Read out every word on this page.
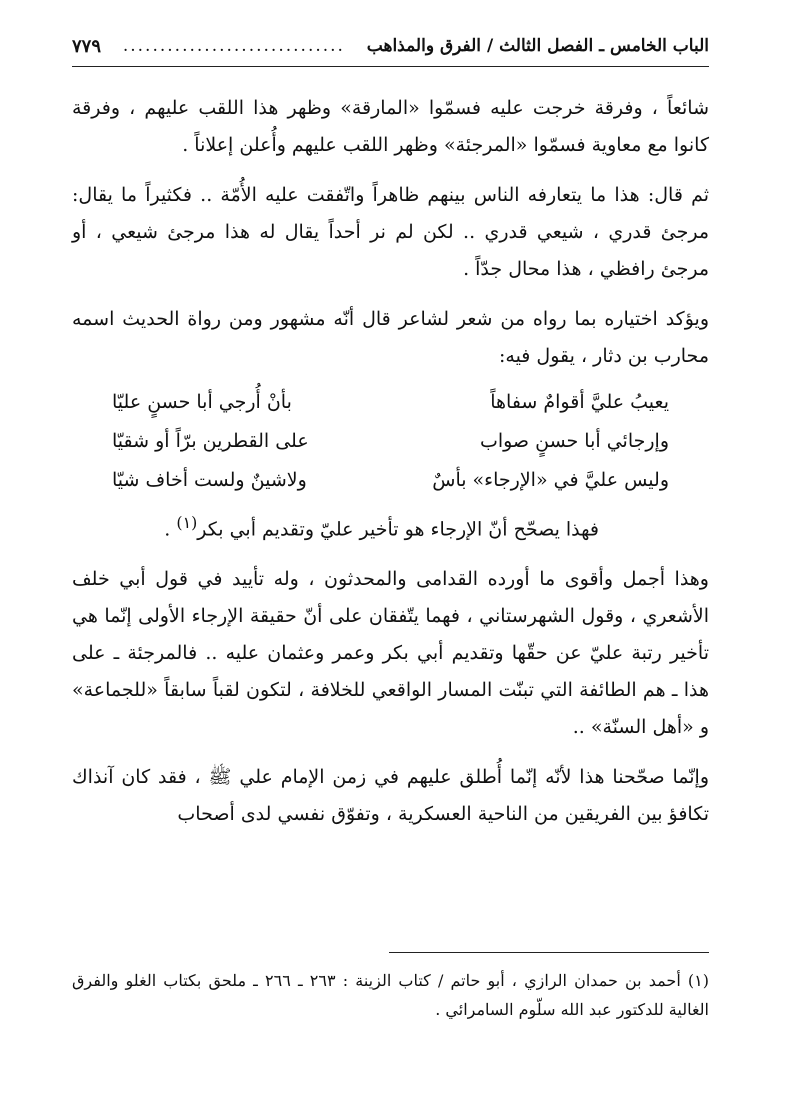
الباب الخامس ـ الفصل الثالث / الفرق والمذاهب
..............................
٧٧٩

شائعاً ، وفرقة خرجت عليه فسمّوا «المارقة» وظهر هذا اللقب عليهم ، وفرقة كانوا مع معاوية فسمّوا «المرجئة» وظهر اللقب عليهم وأُعلن إعلاناً .

ثم قال: هذا ما يتعارفه الناس بينهم ظاهراً واتّفقت عليه الأُمّة .. فكثيراً ما يقال: مرجئ قدري ، شيعي قدري .. لكن لم نر أحداً يقال له هذا مرجئ شيعي ، أو مرجئ رافظي ، هذا محال جدّاً .

ويؤكد اختياره بما رواه من شعر لشاعر قال أنّه مشهور ومن رواة الحديث اسمه محارب بن دثار ، يقول فيه:

يعيبُ عليَّ أقوامٌ سفاهاً
بأنْ أُرجي أبا حسنٍ عليّا
وإرجائي أبا حسنٍ صواب
على القطرين برّاً أو شقيّا
وليس عليَّ في «الإرجاء» بأسٌ
ولاشينٌ ولست أخاف شيّا

فهذا يصحّح أنّ الإرجاء هو تأخير عليّ وتقديم أبي بكر$^{(١)}$ .

وهذا أجمل وأقوى ما أورده القدامى والمحدثون ، وله تأييد في قول أبي خلف الأشعري ، وقول الشهرستاني ، فهما يتّفقان على أنّ حقيقة الإرجاء الأولى إنّما هي تأخير رتبة عليّ عن حقّها وتقديم أبي بكر وعمر وعثمان عليه .. فالمرجئة ـ على هذا ـ هم الطائفة التي تبنّت المسار الواقعي للخلافة ، لتكون لقباً سابقاً «للجماعة» و «أهل السنّة» ..

وإنّما صحّحنا هذا لأنّه إنّما أُطلق عليهم في زمن الإمام علي ﷺ ، فقد كان آنذاك تكافؤ بين الفريقين من الناحية العسكرية ، وتفوّق نفسي لدى أصحاب

(١) أحمد بن حمدان الرازي ، أبو حاتم / كتاب الزينة : ٢٦٣ ـ ٢٦٦ ـ ملحق بكتاب الغلو والفرق الغالية للدكتور عبد الله سلّوم السامرائي .
